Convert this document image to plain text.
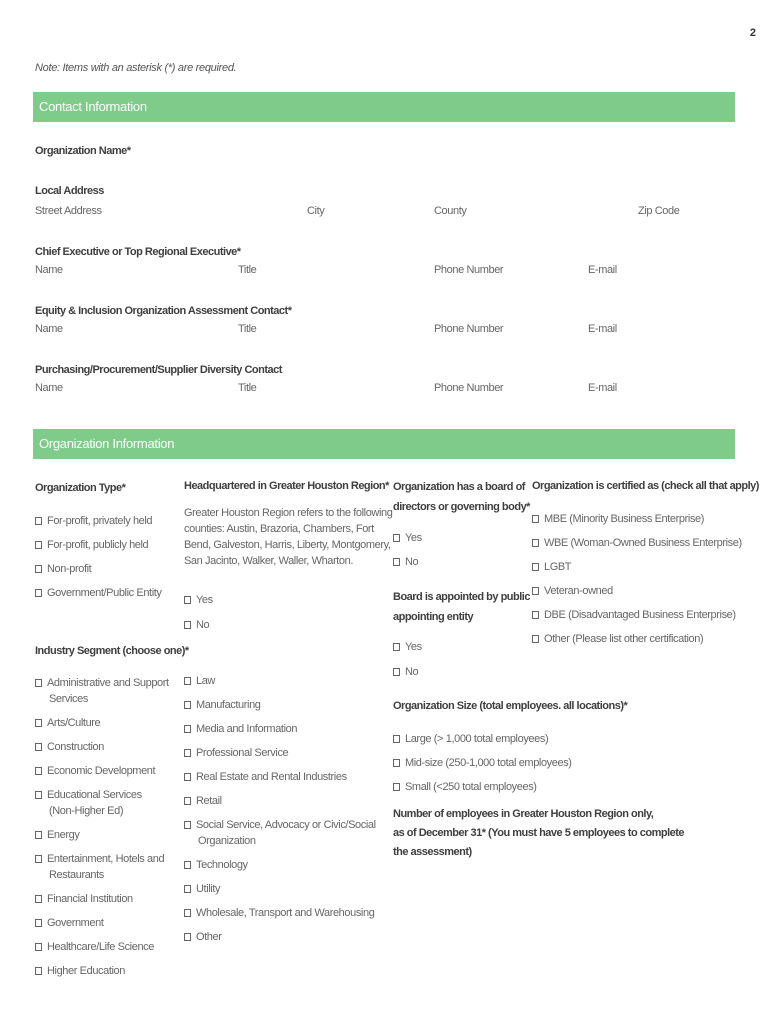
2
Note: Items with an asterisk (*) are required.
Contact Information
Organization Name*
Local Address
Street Address	City	County	Zip Code
Chief Executive or Top Regional Executive*
Name	Title	Phone Number	E-mail
Equity & Inclusion Organization Assessment Contact*
Name	Title	Phone Number	E-mail
Purchasing/Procurement/Supplier Diversity Contact
Name	Title	Phone Number	E-mail
Organization Information
Organization Type*
For-profit, privately held
For-profit, publicly held
Non-profit
Government/Public Entity
Headquartered in Greater Houston Region*
Greater Houston Region refers to the following
counties: Austin, Brazoria, Chambers, Fort
Bend, Galveston, Harris, Liberty, Montgomery,
San Jacinto, Walker, Waller, Wharton.
Yes
No
Organization has a board of
directors or governing body*
Yes
No
Board is appointed by public
appointing entity
Yes
No
Organization is certified as (check all that apply)
MBE (Minority Business Enterprise)
WBE (Woman-Owned Business Enterprise)
LGBT
Veteran-owned
DBE (Disadvantaged Business Enterprise)
Other (Please list other certification)
Industry Segment (choose one)*
Administrative and Support
Services
Arts/Culture
Construction
Economic Development
Educational Services
(Non-Higher Ed)
Energy
Entertainment, Hotels and
Restaurants
Financial Institution
Government
Healthcare/Life Science
Higher Education
Law
Manufacturing
Media and Information
Professional Service
Real Estate and Rental Industries
Retail
Social Service, Advocacy or Civic/Social
Organization
Technology
Utility
Wholesale, Transport and Warehousing
Other
Organization Size (total employees. all locations)*
Large (> 1,000 total employees)
Mid-size (250-1,000 total employees)
Small (<250 total employees)
Number of employees in Greater Houston Region only,
as of December 31* (You must have 5 employees to complete
the assessment)
